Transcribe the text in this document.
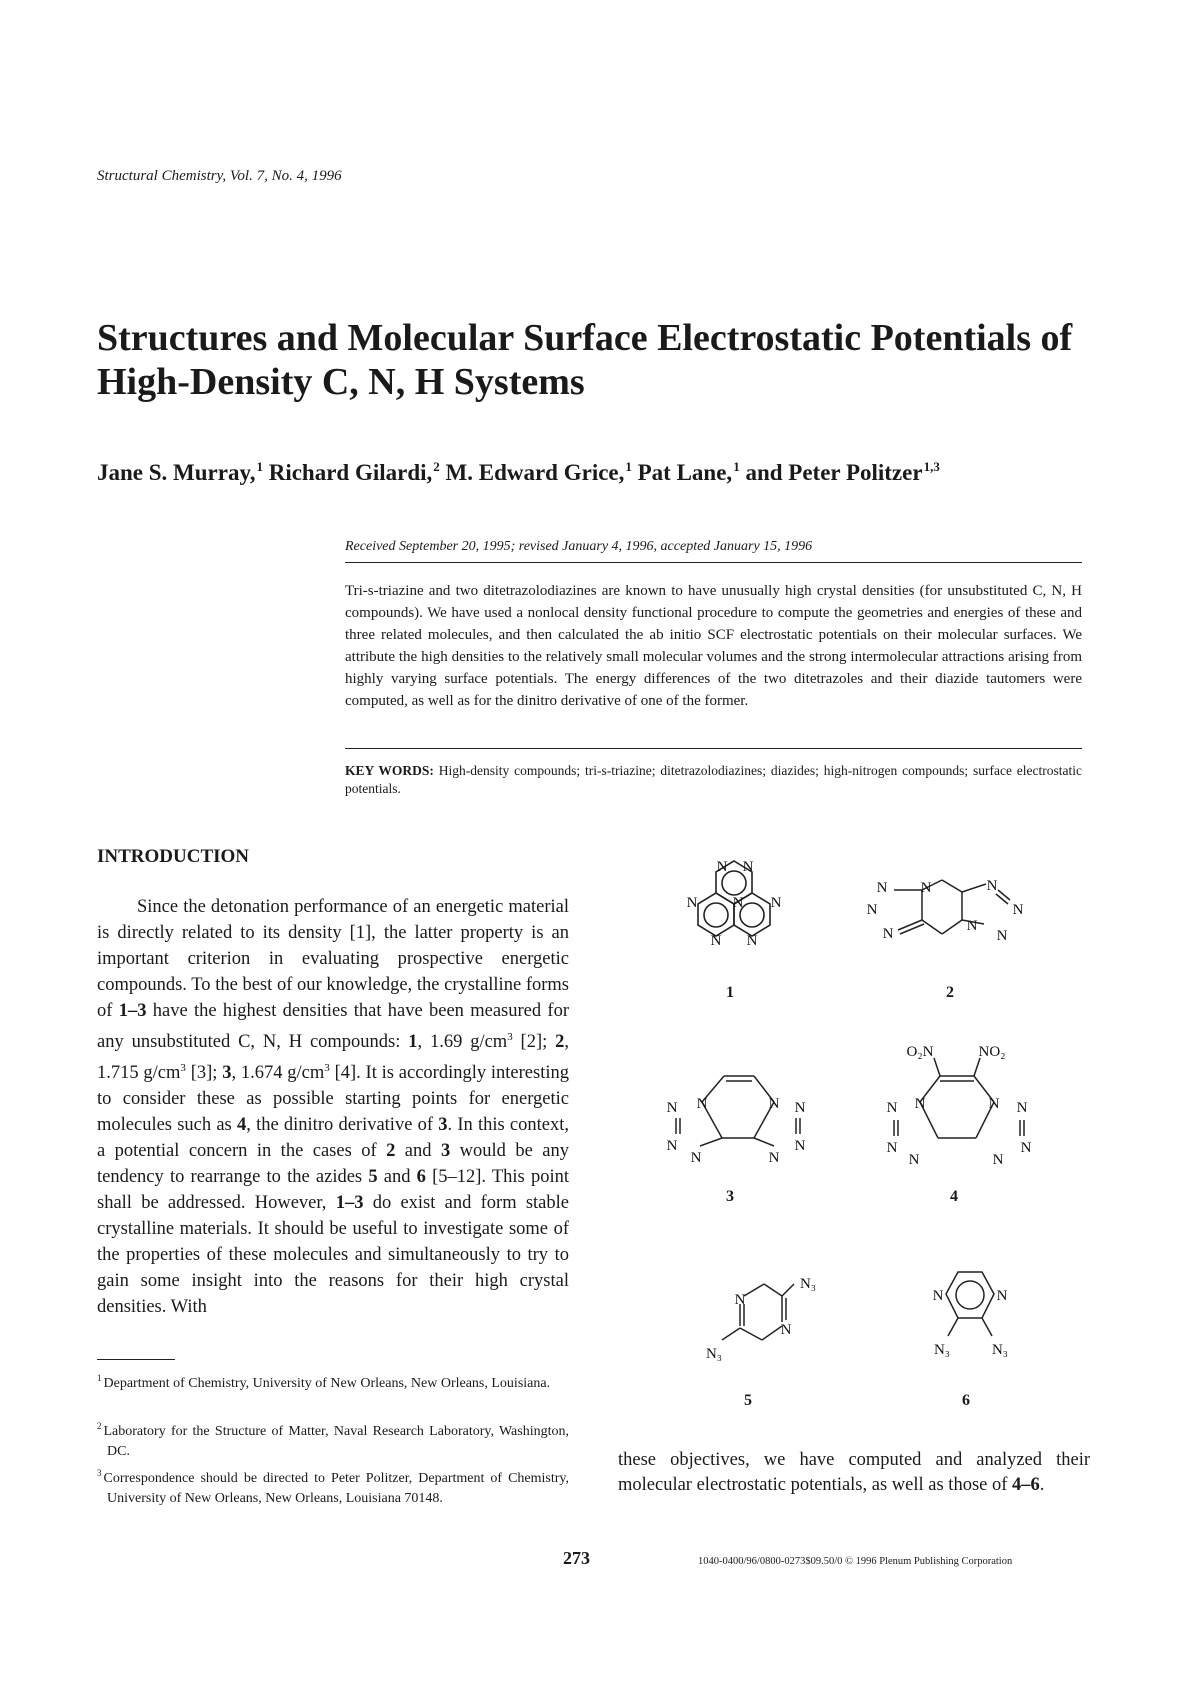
Structural Chemistry, Vol. 7, No. 4, 1996
Structures and Molecular Surface Electrostatic Potentials of
High-Density C, N, H Systems
Jane S. Murray,$^1$ Richard Gilardi,$^2$ M. Edward Grice,$^1$ Pat Lane,$^1$ and Peter Politzer$^{1,3}$
Received September 20, 1995; revised January 4, 1996, accepted January 15, 1996
Tri-s-triazine and two ditetrazolodiazines are known to have unusually high crystal densities (for unsubstituted C, N, H compounds). We have used a nonlocal density functional procedure to compute the geometries and energies of these and three related molecules, and then calculated the ab initio SCF electrostatic potentials on their molecular surfaces. We attribute the high densities to the relatively small molecular volumes and the strong intermolecular attractions arising from highly varying surface potentials. The energy differences of the two ditetrazoles and their diazide tautomers were computed, as well as for the dinitro derivative of one of the former.
KEY WORDS: High-density compounds; tri-s-triazine; ditetrazolodiazines; diazides; high-nitrogen compounds; surface electrostatic potentials.
INTRODUCTION
Since the detonation performance of an energetic material is directly related to its density [1], the latter property is an important criterion in evaluating prospective energetic compounds. To the best of our knowledge, the crystalline forms of 1–3 have the highest densities that have been measured for any unsubstituted C, N, H compounds: 1, 1.69 $g/cm^3$ [2]; 2, 1.715 $g/cm^3$ [3]; 3, 1.674 $g/cm^3$ [4]. It is accordingly interesting to consider these as possible starting points for energetic molecules such as 4, the dinitro derivative of 3. In this context, a potential concern in the cases of 2 and 3 would be any tendency to rearrange to the azides 5 and 6 [5–12]. This point shall be addressed. However, 1–3 do exist and form stable crystalline materials. It should be useful to investigate some of the properties of these molecules and simultaneously to try to gain some insight into the reasons for their high crystal densities. With
$^1$ Department of Chemistry, University of New Orleans, New Orleans, Louisiana.
$^2$ Laboratory for the Structure of Matter, Naval Research Laboratory, Washington, DC.
$^3$ Correspondence should be directed to Peter Politzer, Department of Chemistry, University of New Orleans, New Orleans, Louisiana 70148.
N N
N N N
N N
1
N N
N
N
N
N
N
N
2
N N	N N
N
N	N
N
3
N N	N N
N
N	N
N
O₂N	NO₂
4
N
N
N₃
N₃
5
N	N
N₃	N₃
6
these objectives, we have computed and analyzed their molecular electrostatic potentials, as well as those of 4–6.
273	1040-0400/96/0800-0273$09.50/0 © 1996 Plenum Publishing Corporation
